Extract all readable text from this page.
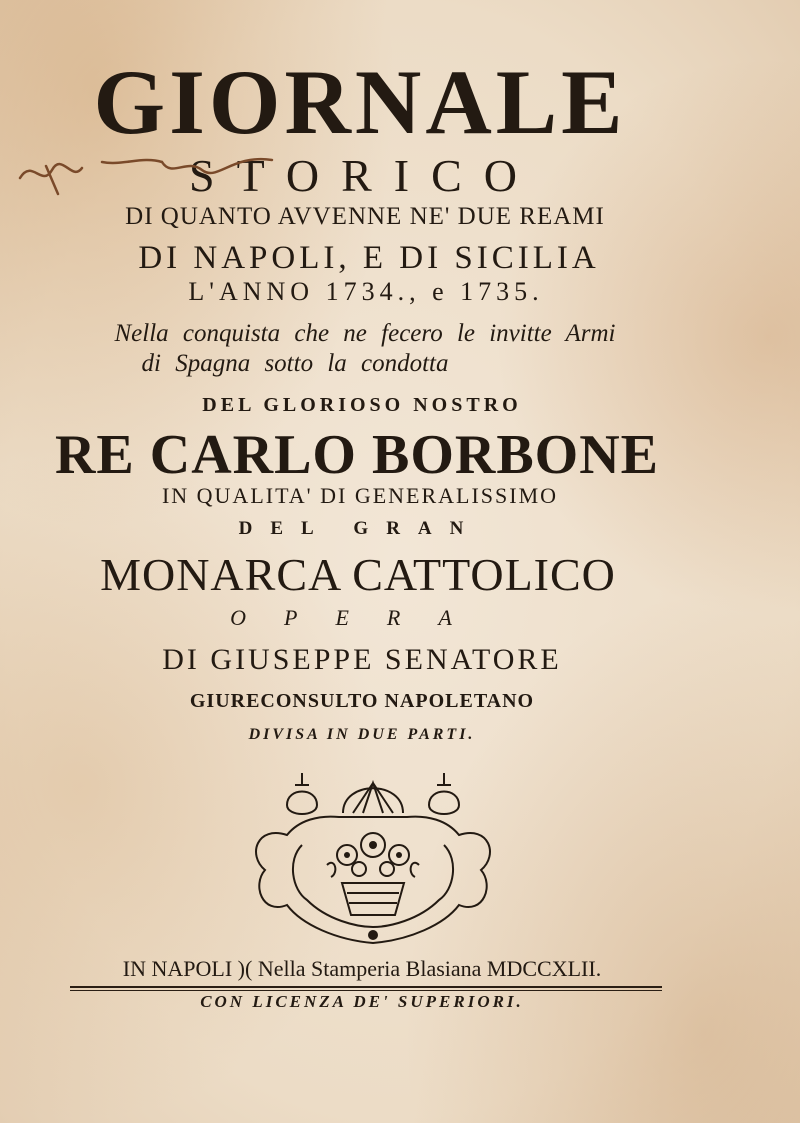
GIORNALE
STORICO
DI QUANTO AVVENNE NE' DUE REAMI
DI NAPOLI, E DI SICILIA
L'ANNO 1734., e 1735.
Nella conquista che ne fecero le invitte Armi
di Spagna sotto la condotta
DEL GLORIOSO NOSTRO
RE CARLO BORBONE
IN QUALITA' DI GENERALISSIMO
DEL GRAN
MONARCA CATTOLICO
OPERA
DI GIUSEPPE SENATORE
GIURECONSULTO NAPOLETANO
DIVISA IN DUE PARTI.
IN NAPOLI )( Nella Stamperia Blasiana MDCCXLII.
CON LICENZA DE' SUPERIORI.
